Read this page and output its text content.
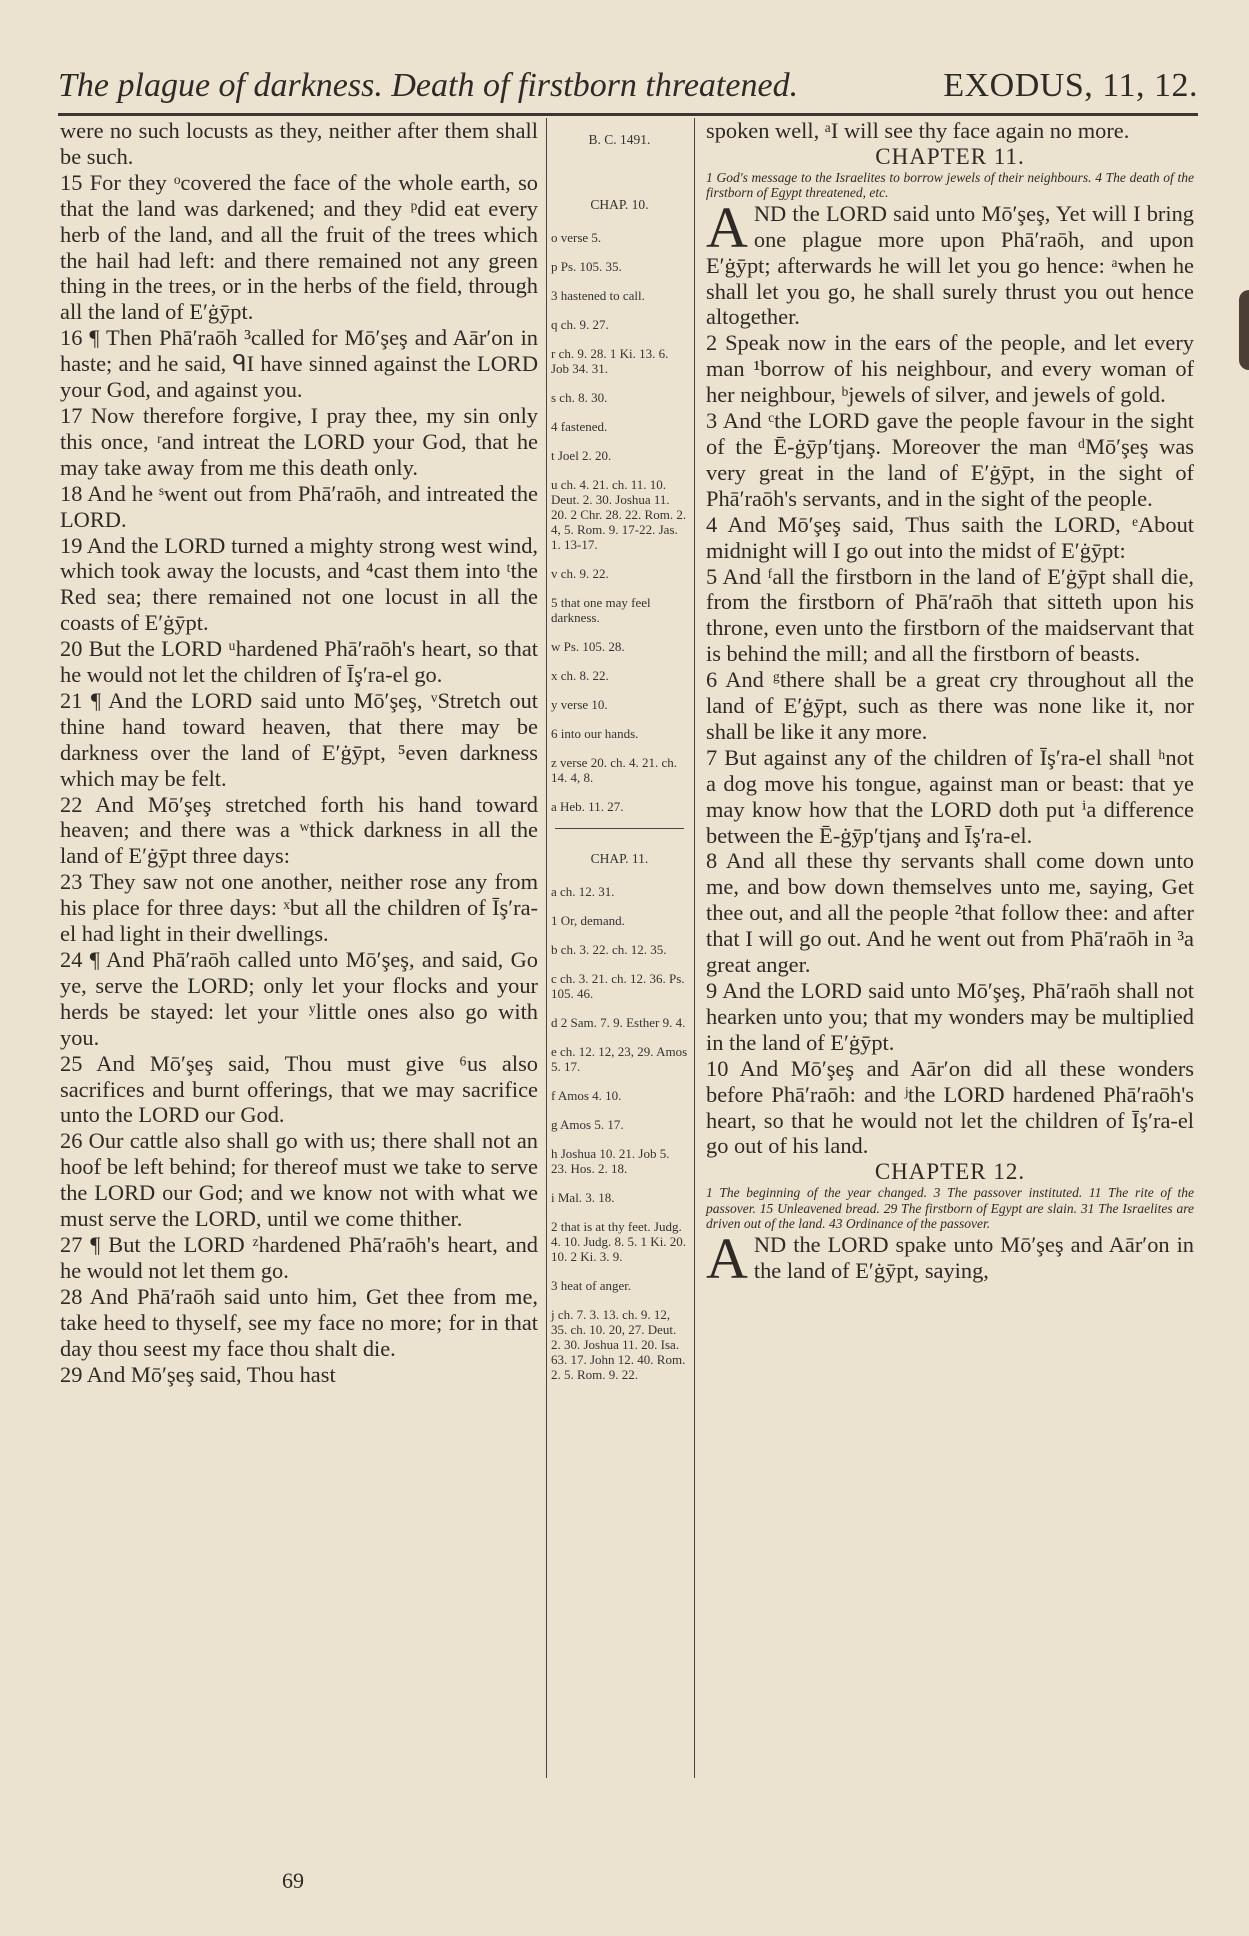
The plague of darkness. Death of firstborn threatened.	EXODUS, 11, 12.

were no such locusts as they, neither after them shall be such.

15 For they ᵒcovered the face of the whole earth, so that the land was darkened; and they ᵖdid eat every herb of the land, and all the fruit of the trees which the hail had left: and there remained not any green thing in the trees, or in the herbs of the field, through all the land of E′ġȳpt.

16 ¶ Then Phā′raōh ³called for Mō′şeş and Aār′on in haste; and he said, ᑫI have sinned against the LORD your God, and against you.

17 Now therefore forgive, I pray thee, my sin only this once, ʳand intreat the LORD your God, that he may take away from me this death only.

18 And he ˢwent out from Phā′raōh, and intreated the LORD.

19 And the LORD turned a mighty strong west wind, which took away the locusts, and ⁴cast them into ᵗthe Red sea; there remained not one locust in all the coasts of E′ġȳpt.

20 But the LORD ᵘhardened Phā′raōh's heart, so that he would not let the children of Īş′ra-el go.

21 ¶ And the LORD said unto Mō′şeş, ᵛStretch out thine hand toward heaven, that there may be darkness over the land of E′ġȳpt, ⁵even darkness which may be felt.

22 And Mō′şeş stretched forth his hand toward heaven; and there was a ʷthick darkness in all the land of E′ġȳpt three days:

23 They saw not one another, neither rose any from his place for three days: ˣbut all the children of Īş′ra-el had light in their dwellings.

24 ¶ And Phā′raōh called unto Mō′şeş, and said, Go ye, serve the LORD; only let your flocks and your herds be stayed: let your ʸlittle ones also go with you.

25 And Mō′şeş said, Thou must give ⁶us also sacrifices and burnt offerings, that we may sacrifice unto the LORD our God.

26 Our cattle also shall go with us; there shall not an hoof be left behind; for thereof must we take to serve the LORD our God; and we know not with what we must serve the LORD, until we come thither.

27 ¶ But the LORD ᶻhardened Phā′raōh's heart, and he would not let them go.

28 And Phā′raōh said unto him, Get thee from me, take heed to thyself, see my face no more; for in that day thou seest my face thou shalt die.

29 And Mō′şeş said, Thou hast

B. C. 1491.
CHAP. 10.
o verse 5.
p Ps. 105. 35.
3 hastened to call.
q ch. 9. 27.
r ch. 9. 28. 1 Ki. 13. 6. Job 34. 31.
s ch. 8. 30.
4 fastened.
t Joel 2. 20.
u ch. 4. 21. ch. 11. 10. Deut. 2. 30. Joshua 11. 20. 2 Chr. 28. 22. Rom. 2. 4, 5. Rom. 9. 17-22. Jas. 1. 13-17.
v ch. 9. 22.
5 that one may feel darkness.
w Ps. 105. 28.
x ch. 8. 22.
y verse 10.
6 into our hands.
z verse 20. ch. 4. 21. ch. 14. 4, 8.
a Heb. 11. 27.
CHAP. 11.
a ch. 12. 31.
1 Or, demand.
b ch. 3. 22. ch. 12. 35.
c ch. 3. 21. ch. 12. 36. Ps. 105. 46.
d 2 Sam. 7. 9. Esther 9. 4.
e ch. 12. 12, 23, 29. Amos 5. 17.
f Amos 4. 10.
g Amos 5. 17.
h Joshua 10. 21. Job 5. 23. Hos. 2. 18.
i Mal. 3. 18.
2 that is at thy feet. Judg. 4. 10. Judg. 8. 5. 1 Ki. 20. 10. 2 Ki. 3. 9.
3 heat of anger.
j ch. 7. 3. 13. ch. 9. 12, 35. ch. 10. 20, 27. Deut. 2. 30. Joshua 11. 20. Isa. 63. 17. John 12. 40. Rom. 2. 5. Rom. 9. 22.

spoken well, ᵃI will see thy face again no more.

CHAPTER 11.

1 God's message to the Israelites to borrow jewels of their neighbours. 4 The death of the firstborn of Egypt threatened, etc.

AND the LORD said unto Mō′şeş, Yet will I bring one plague more upon Phā′raōh, and upon E′ġȳpt; afterwards he will let you go hence: ᵃwhen he shall let you go, he shall surely thrust you out hence altogether.

2 Speak now in the ears of the people, and let every man ¹borrow of his neighbour, and every woman of her neighbour, ᵇjewels of silver, and jewels of gold.

3 And ᶜthe LORD gave the people favour in the sight of the Ē-ġȳp′tjanş. Moreover the man ᵈMō′şeş was very great in the land of E′ġȳpt, in the sight of Phā′raōh's servants, and in the sight of the people.

4 And Mō′şeş said, Thus saith the LORD, ᵉAbout midnight will I go out into the midst of E′ġȳpt:

5 And ᶠall the firstborn in the land of E′ġȳpt shall die, from the firstborn of Phā′raōh that sitteth upon his throne, even unto the firstborn of the maidservant that is behind the mill; and all the firstborn of beasts.

6 And ᵍthere shall be a great cry throughout all the land of E′ġȳpt, such as there was none like it, nor shall be like it any more.

7 But against any of the children of Īş′ra-el shall ʰnot a dog move his tongue, against man or beast: that ye may know how that the LORD doth put ⁱa difference between the Ē-ġȳp′tjanş and Īş′ra-el.

8 And all these thy servants shall come down unto me, and bow down themselves unto me, saying, Get thee out, and all the people ²that follow thee: and after that I will go out. And he went out from Phā′raōh in ³a great anger.

9 And the LORD said unto Mō′şeş, Phā′raōh shall not hearken unto you; that my wonders may be multiplied in the land of E′ġȳpt.

10 And Mō′şeş and Aār′on did all these wonders before Phā′raōh: and ʲthe LORD hardened Phā′raōh's heart, so that he would not let the children of Īş′ra-el go out of his land.

CHAPTER 12.

1 The beginning of the year changed. 3 The passover instituted. 11 The rite of the passover. 15 Unleavened bread. 29 The firstborn of Egypt are slain. 31 The Israelites are driven out of the land. 43 Ordinance of the passover.

AND the LORD spake unto Mō′şeş and Aār′on in the land of E′ġȳpt, saying,

69
